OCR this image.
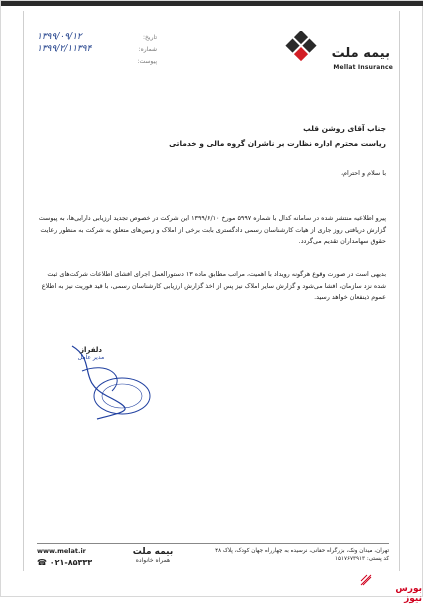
تاریخ:
۱۳۹۹/۰۹/۱۲
شماره:
۱۳۹۹/۲/۱۱۳۹۴
پیوست:	بیمه ملت
Mellat Insurance
جناب آقای روشن قلب
ریاست محترم اداره نظارت بر ناشران گروه مالی و خدماتی
با سلام و احترام،
پیرو اطلاعیه منتشر شده در سامانه کدال با شماره ۵۹۹۷ مورخ ۱۳۹۹/۶/۱۰ این شرکت در خصوص تجدید ارزیابی دارایی‌ها، به پیوست گزارش دریافتی روز جاری از هیات کارشناسان رسمی دادگستری بابت برخی از املاک و زمین‌های متعلق به شرکت به منظور رعایت حقوق سهامداران تقدیم می‌گردد.
بدیهی است در صورت وقوع هرگونه رویداد با اهمیت، مراتب مطابق ماده ۱۳ دستورالعمل اجرای افشای اطلاعات شرکت‌های ثبت شده نزد سازمان، افشا می‌شود و گزارش سایر املاک نیز پس از اخذ گزارش ارزیابی کارشناسان رسمی، با قید فوریت نیز به اطلاع عموم ذینفعان خواهد رسید.
دلفراز
مدیر عامل
تهران، میدان ونک، بزرگراه حقانی، نرسیده به چهارراه جهان کودک، پلاک ۴۸
کد پستی: ۱۵۱۷۶۷۳۹۱۳
بیمه ملت
همراه خانواده
www.melat.ir
☎ ۰۲۱-۸۵۳۳۳
بورس نیوز
